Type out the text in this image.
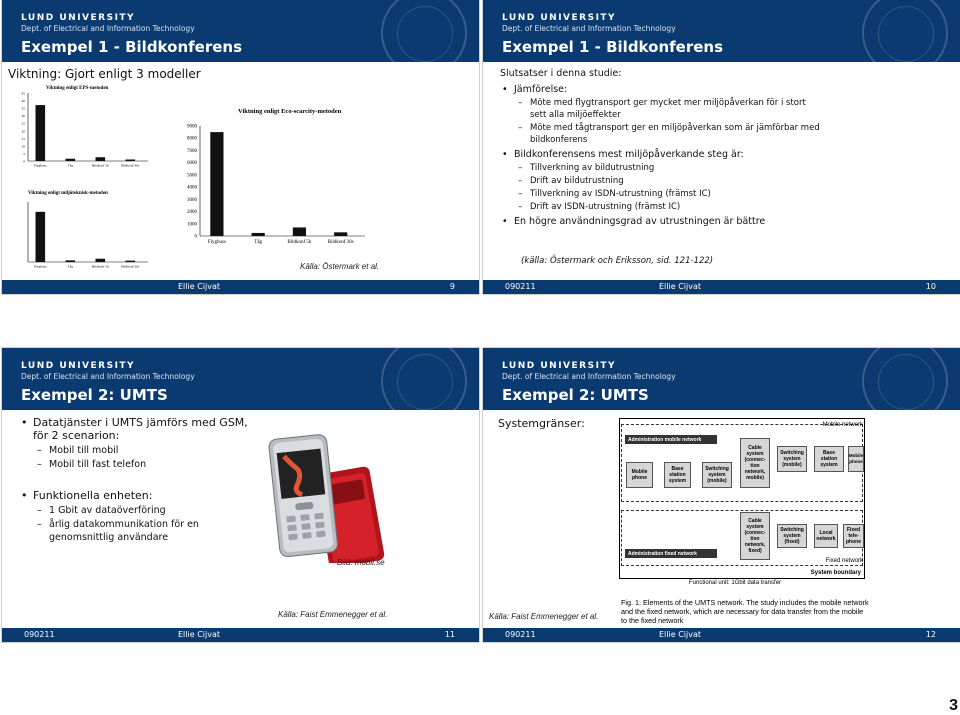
LUND UNIVERSITY
Dept. of Electrical and Information Technology
Exempel 1 - Bildkonferens
Viktning: Gjort enligt 3 modeller
Viktning enligt EPS-metoden
45
40
35
30
25
20
15
10
5
0
Flygbuss	Tåg	Bildkonf 5h	Bildkonf 30s
Viktning enligt miljöteknisk-metoden
Flygbuss	Tåg	Bildkonf 5h	Bildkonf 30s
Viktning enligt Eco-scarcity-metoden
9000
8000
7000
6000
5000
4000
3000
2000
1000
0
Flygbuss	Tåg	Bildkonf 5h	Bildkonf 30s
Källa: Östermark et al.
Ellie Cijvat	9
LUND UNIVERSITY
Dept. of Electrical and Information Technology
Exempel 1 - Bildkonferens
Slutsatser i denna studie:
• Jämförelse:
– Möte med flygtransport ger mycket mer miljöpåverkan för i stort sett alla miljöeffekter
– Möte med tågtransport ger en miljöpåverkan som är jämförbar med bildkonferens
• Bildkonferensens mest miljöpåverkande steg är:
– Tillverkning av bildutrustning
– Drift av bildutrustning
– Tillverkning av ISDN-utrustning (främst IC)
– Drift av ISDN-utrustning (främst IC)
• En högre användningsgrad av utrustningen är bättre
(källa: Östermark och Eriksson, sid. 121-122)
090211	Ellie Cijvat	10
LUND UNIVERSITY
Dept. of Electrical and Information Technology
Exempel 2: UMTS
• Datatjänster i UMTS jämförs med GSM, för 2 scenarion:
– Mobil till mobil
– Mobil till fast telefon
• Funktionella enheten:
– 1 Gbit av dataöverföring
– årlig datakommunikation för en genomsnittlig användare
Bild: mobil.se
Källa: Faist Emmenegger et al.
090211	Ellie Cijvat	11
LUND UNIVERSITY
Dept. of Electrical and Information Technology
Exempel 2: UMTS
Systemgränser:	Mobile network
Fixed network
System boundary
Administration mobile network
Administration fixed network
Mobile phone
Base station system
Switching system (mobile)
Cable system (connec-tion network, mobile)
Switching system (mobile)
Base station system
Mobile phone
Cable system (connec-tion network, fixed)
Switching system (fixed)
Local network
Fixed tele-phone
Functional unit: 1Gbit data transfer
Fig. 1: Elements of the UMTS network. The study includes the mobile network and the fixed network, which are necessary for data transfer from the mobile to the fixed network
Källa: Faist Emmenegger et al.
090211	Ellie Cijvat	12
3
